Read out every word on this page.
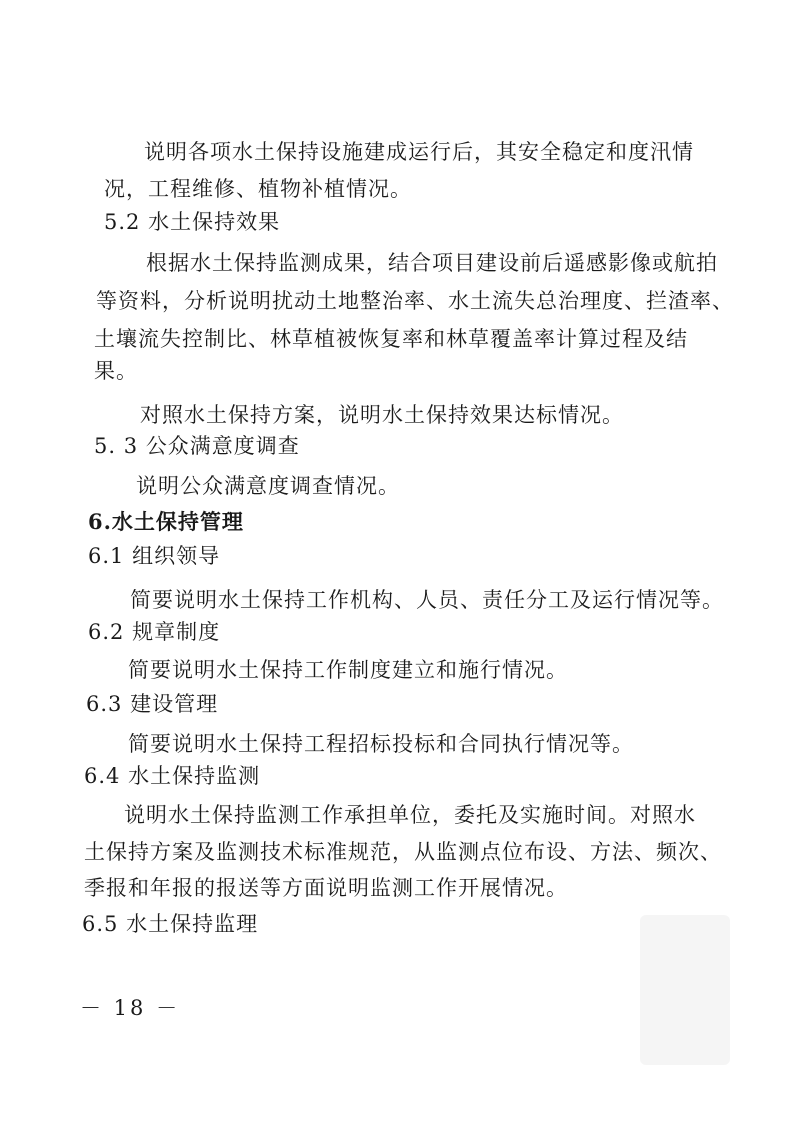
说明各项水土保持设施建成运行后，其安全稳定和度汛情
况，工程维修、植物补植情况。
5.2 水土保持效果
根据水土保持监测成果，结合项目建设前后遥感影像或航拍
等资料，分析说明扰动土地整治率、水土流失总治理度、拦渣率、
土壤流失控制比、林草植被恢复率和林草覆盖率计算过程及结
果。
对照水土保持方案，说明水土保持效果达标情况。
5. 3 公众满意度调查
说明公众满意度调查情况。
6.水土保持管理
6.1 组织领导
简要说明水土保持工作机构、人员、责任分工及运行情况等。
6.2 规章制度
简要说明水土保持工作制度建立和施行情况。
6.3 建设管理
简要说明水土保持工程招标投标和合同执行情况等。
6.4 水土保持监测
说明水土保持监测工作承担单位，委托及实施时间。对照水
土保持方案及监测技术标准规范，从监测点位布设、方法、频次、
季报和年报的报送等方面说明监测工作开展情况。
6.5 水土保持监理
－ 18 －
